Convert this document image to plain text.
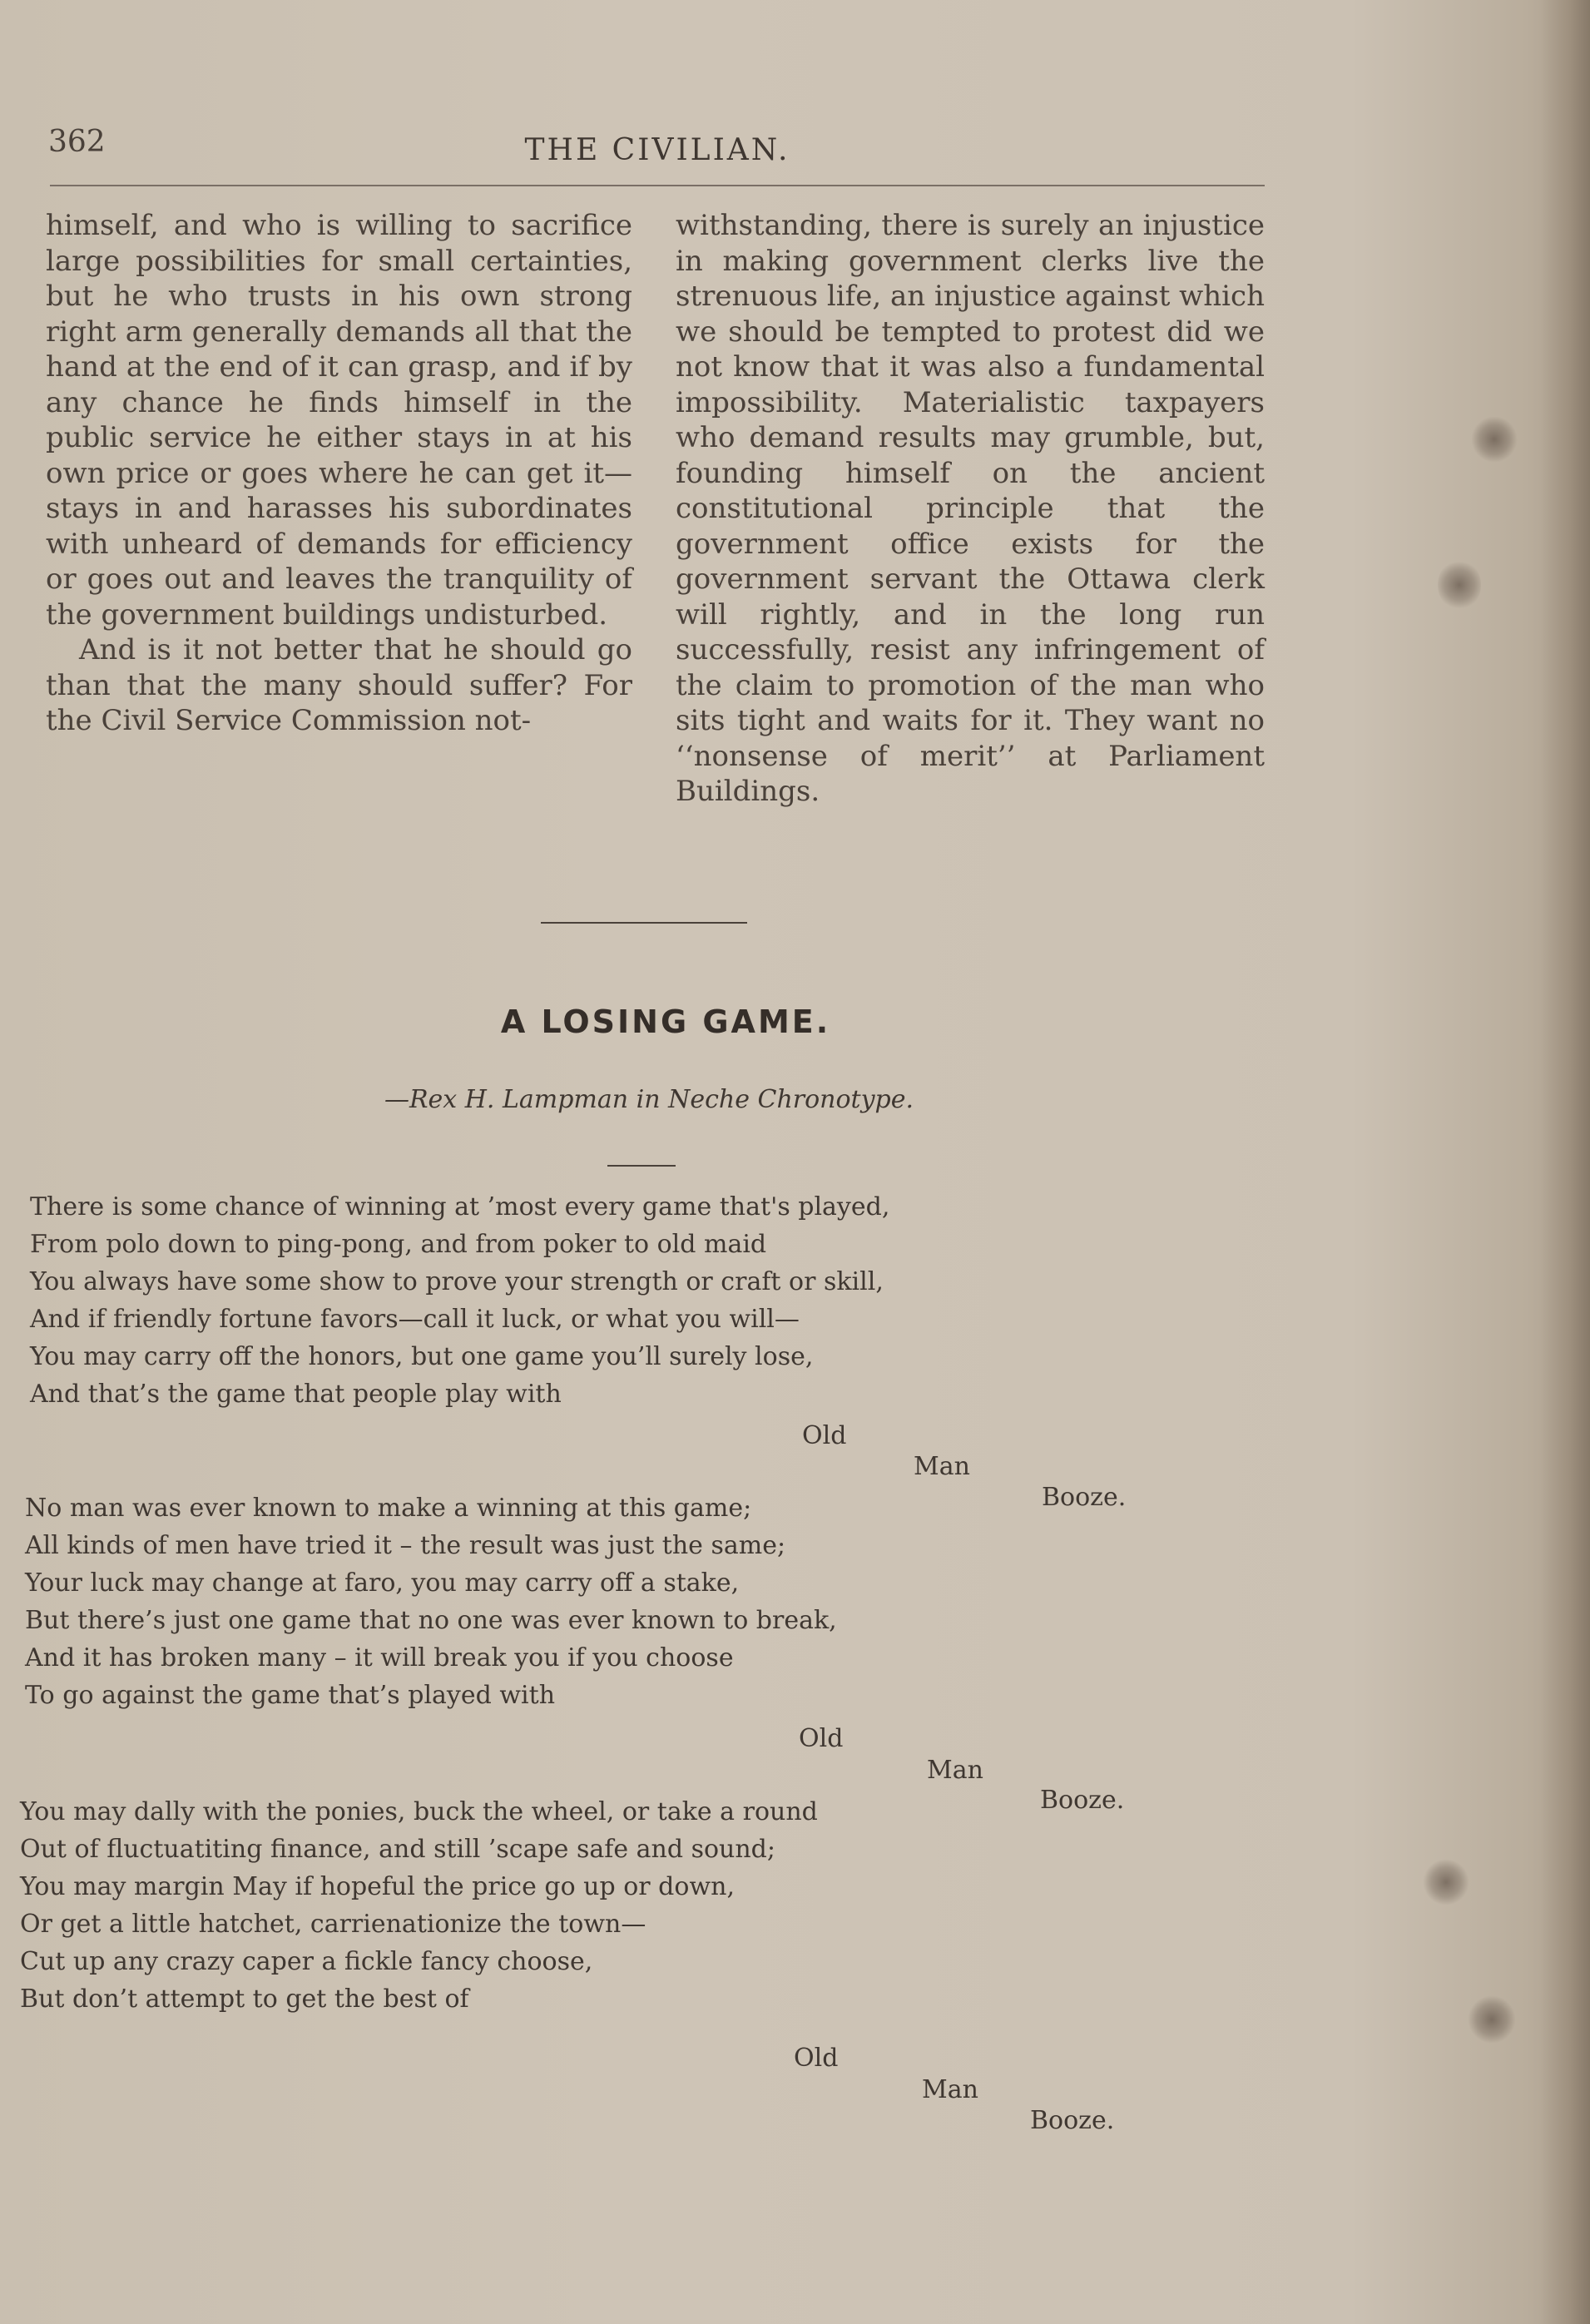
362	THE CIVILIAN.

himself, and who is willing to sacrifice large possibilities for small certainties, but he who trusts in his own strong right arm generally demands all that the hand at the end of it can grasp, and if by any chance he finds himself in the public service he either stays in at his own price or goes where he can get it—stays in and harasses his subordinates with unheard of demands for efficiency or goes out and leaves the tranquility of the government buildings undisturbed.

And is it not better that he should go than that the many should suffer? For the Civil Service Commission not-

withstanding, there is surely an injustice in making government clerks live the strenuous life, an injustice against which we should be tempted to protest did we not know that it was also a fundamental impossibility. Materialistic taxpayers who demand results may grumble, but, founding himself on the ancient constitutional principle that the government office exists for the government servant the Ottawa clerk will rightly, and in the long run successfully, resist any infringement of the claim to promotion of the man who sits tight and waits for it. They want no ‘‘nonsense of merit’’ at Parliament Buildings.

A LOSING GAME.
—Rex H. Lampman in Neche Chronotype.
There is some chance of winning at ’most every game that's played,
From polo down to ping-pong, and from poker to old maid
You always have some show to prove your strength or craft or skill,
And if friendly fortune favors—call it luck, or what you will—
You may carry off the honors, but one game you’ll surely lose,
And that’s the game that people play with
Old
Man
Booze.
No man was ever known to make a winning at this game;
All kinds of men have tried it – the result was just the same;
Your luck may change at faro, you may carry off a stake,
But there’s just one game that no one was ever known to break,
And it has broken many – it will break you if you choose
To go against the game that’s played with
Old
Man
Booze.
You may dally with the ponies, buck the wheel, or take a round
Out of fluctuatiting finance, and still ’scape safe and sound;
You may margin May if hopeful the price go up or down,
Or get a little hatchet, carrienationize the town—
Cut up any crazy caper a fickle fancy choose,
But don’t attempt to get the best of
Old
Man
Booze.
